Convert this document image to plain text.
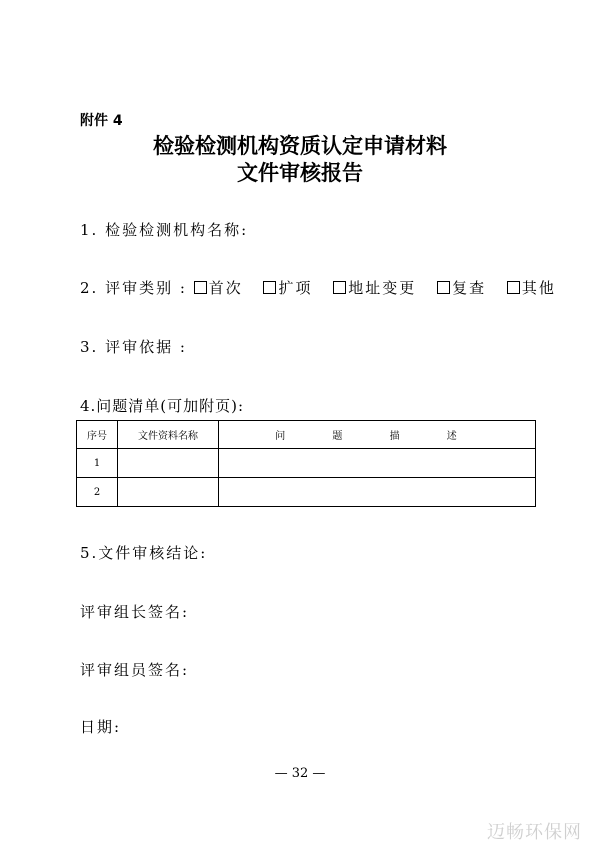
附件 4
检验检测机构资质认定申请材料
文件审核报告
1. 检验检测机构名称:
2. 评审类别 : 首次 扩项 地址变更 复查 其他
3. 评审依据 :
4.问题清单(可加附页):
序号	文件资料名称	问 题 描 述
1		
2		
5.文件审核结论:
评审组长签名:
评审组员签名:
日期:
— 32 —
迈畅环保网
